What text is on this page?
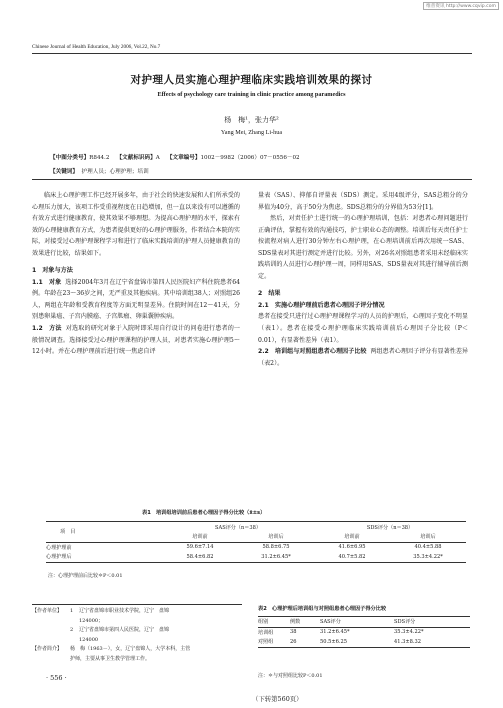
维普资讯 http://www.cqvip.com
Chinese Journal of Health Education, July 2006, Vol.22, No.7
对护理人员实施心理护理临床实践培训效果的探讨
Effects of psychology care training in clinic practice among paramedics
杨　梅¹，张力华²
Yang Mei, Zhang Li-hua
【中图分类号】R844.2 【文献标识码】A 【文章编号】1002－9982（2006）07－0556－02
【关键词】 护理人员；心理护理；培训

临床上心理护理工作已经开展多年，由于社会的快速发展和人们所承受的心理压力加大，该项工作受重视程度在日趋增加，但一直以来没有可以遵循的有效方式进行健康教育，使其效果不够理想。为提高心理护理的水平，探索有效的心理健康教育方式，为患者提供更好的心理护理服务，作者结合本院的实际，对接受过心理护理课程学习和进行了临床实践培训的护理人员健康教育的效果进行比较，结果如下。

1　对象与方法

1.1　对象 选择2004年3月在辽宁省盘锦市第四人民医院妇产科住院患者64例。年龄在23～36岁之间，无严重及其他疾病。其中培训组38人；对照组26人，两组在年龄和受教育程度等方面无明显差异。住院时间在12～41天，分别患卵巢癌、子宫内膜癌、子宫肌瘤、卵巢囊肿疾病。

1.2　方法 对选取的研究对象于入院时即采用自行设计的问卷进行患者的一般情况调查。选择接受过心理护理课程的护理人员，对患者实施心理护理5～12小时。并在心理护理前后进行统一焦虑自评

量表（SAS）、抑郁自评量表（SDS）测定。采用4级评分，SAS总粗分的分界值为40分，高于50分为焦虑。SDS总粗分的分界值为53分[1]。

然后，对责任护士进行统一的心理护理培训，包括：对患者心理问题进行正确评估，掌握有效的沟通技巧，护士职业心态的调整。培训后每天责任护士按流程对病人进行30分钟左右心理护理，在心理培训前后再次用统一SAS、SDS量表对其进行测定并进行比较。另外，对26名对照组患者采用未经临床实践培训的人员进行心理护理一周，同样用SAS、SDS量表对其进行辅导前后测定。

2　结果

2.1　实施心理护理前后患者心理因子评分情况

患者在接受只进行过心理护理课程学习的人员的护理后，心理因子变化不明显（表1）。患者在接受心理护理临床实践培训前后心理因子分比较（P＜0.01），有显著性差异（表1）。

2.2　培训组与对照组患者心理因子比较 两组患者心理因子评分有显著性差异（表2）。

表1　培训组培训前后患者心理因子得分比较（x̄±s）
项　目	SAS评分（n＝38）		SDS评分（n＝38）	
	培训前	培训后	培训前	培训后
心理护理前	59.6±7.14	58.8±6.75	41.6±6.95	40.4±5.88
心理护理后	58.4±6.82	31.2±6.45*	40.7±5.82	35.3±4.22*
注：心理护理前后比较＊P＜0.01
【作者单位】	1	辽宁省盘锦市职业技术学院，辽宁　盘锦
124000；
2	辽宁省盘锦市第四人民医院，辽宁　盘锦
124000
【作者简介】	杨　梅（1963－），女，辽宁盘锦人，大学本科，主管
护师，主要从事卫生教学管理工作。
表2　心理护理后培训组与对照组患者心理因子得分比较
组别	例数	SAS评分	SDS评分
培训组	38	31.2±6.45*	35.3±4.22*
对照组	26	50.5±6.25	41.3±8.32
注：＊与对照组比较P＜0.01
（下转第560页）
· 556 ·
